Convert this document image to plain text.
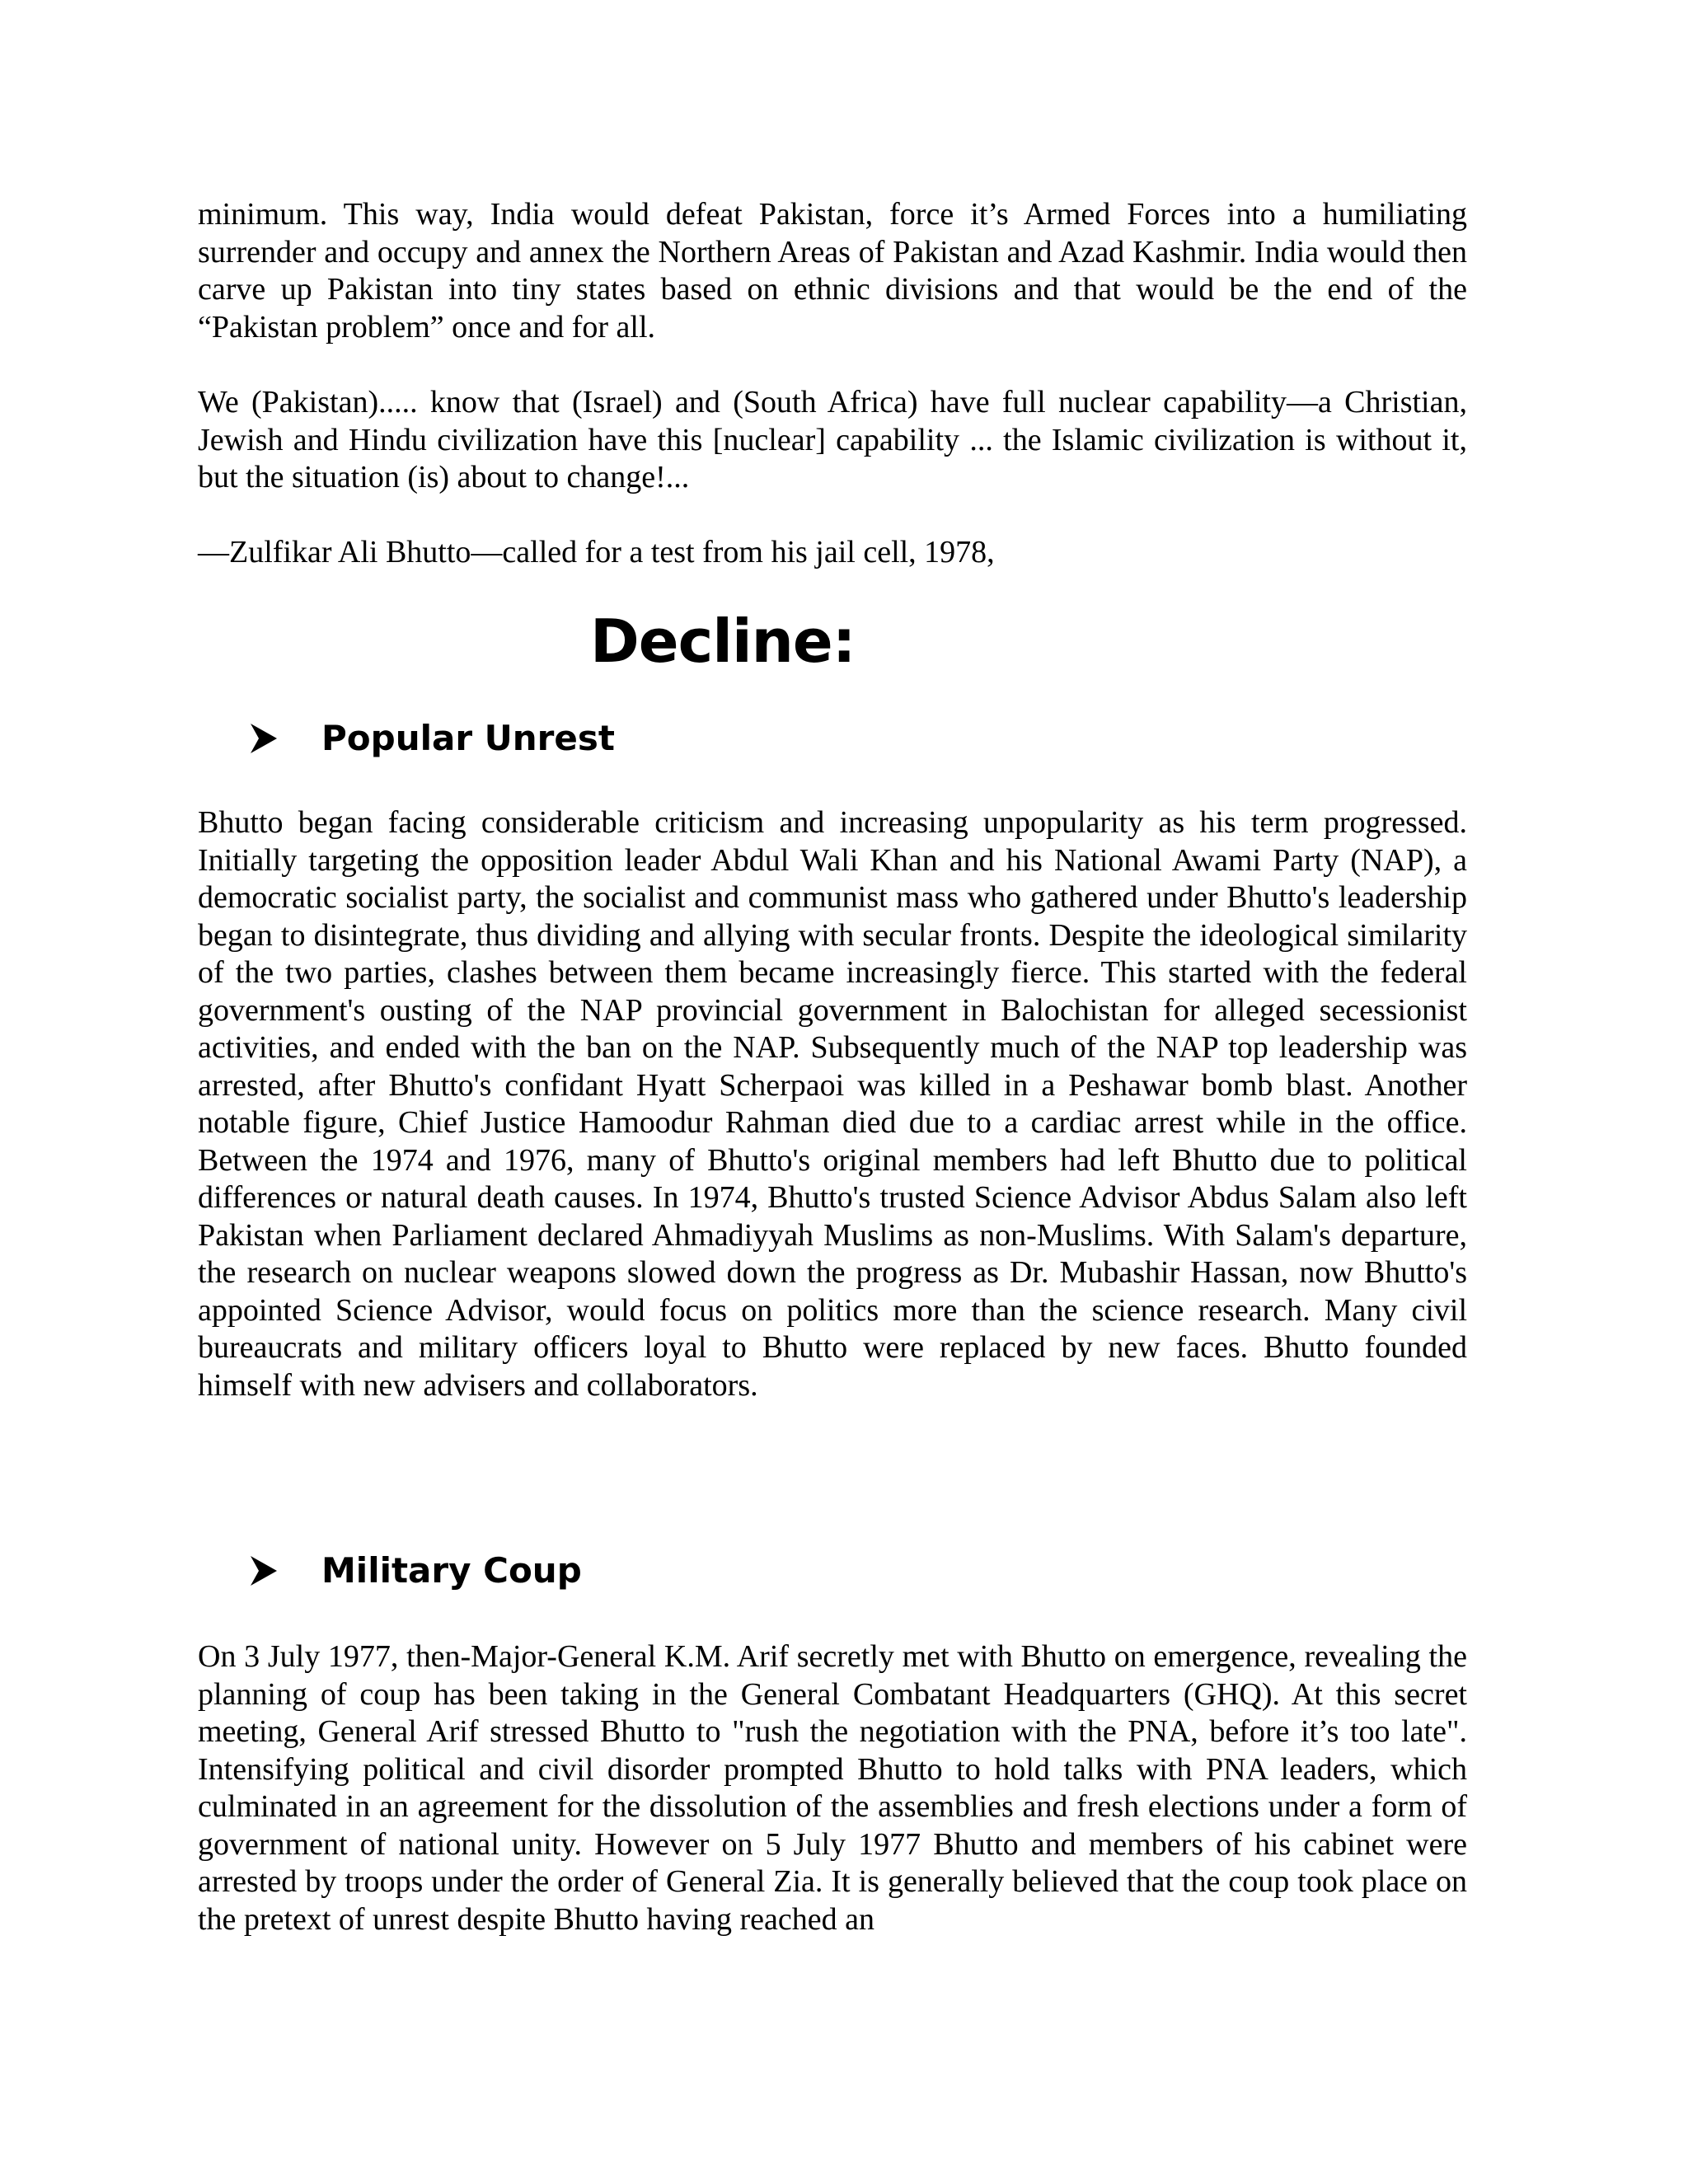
minimum. This way, India would defeat Pakistan, force it’s Armed Forces into a humiliating surrender and occupy and annex the Northern Areas of Pakistan and Azad Kashmir. India would then carve up Pakistan into tiny states based on ethnic divisions and that would be the end of the “Pakistan problem” once and for all.

We (Pakistan)..... know that (Israel) and (South Africa) have full nuclear capability—a Christian, Jewish and Hindu civilization have this [nuclear] capability ... the Islamic civilization is without it, but the situation (is) about to change!...

—Zulfikar Ali Bhutto—called for a test from his jail cell, 1978,

Decline:
Popular Unrest

Bhutto began facing considerable criticism and increasing unpopularity as his term progressed. Initially targeting the opposition leader Abdul Wali Khan and his National Awami Party (NAP), a democratic socialist party, the socialist and communist mass who gathered under Bhutto's leadership began to disintegrate, thus dividing and allying with secular fronts. Despite the ideological similarity of the two parties, clashes between them became increasingly fierce. This started with the federal government's ousting of the NAP provincial government in Balochistan for alleged secessionist activities, and ended with the ban on the NAP. Subsequently much of the NAP top leadership was arrested, after Bhutto's confidant Hyatt Scherpaoi was killed in a Peshawar bomb blast. Another notable figure, Chief Justice Hamoodur Rahman died due to a cardiac arrest while in the office. Between the 1974 and 1976, many of Bhutto's original members had left Bhutto due to political differences or natural death causes. In 1974, Bhutto's trusted Science Advisor Abdus Salam also left Pakistan when Parliament declared Ahmadiyyah Muslims as non-Muslims. With Salam's departure, the research on nuclear weapons slowed down the progress as Dr. Mubashir Hassan, now Bhutto's appointed Science Advisor, would focus on politics more than the science research. Many civil bureaucrats and military officers loyal to Bhutto were replaced by new faces. Bhutto founded himself with new advisers and collaborators.

Military Coup

On 3 July 1977, then-Major-General K.M. Arif secretly met with Bhutto on emergence, revealing the planning of coup has been taking in the General Combatant Headquarters (GHQ). At this secret meeting, General Arif stressed Bhutto to "rush the negotiation with the PNA, before it’s too late". Intensifying political and civil disorder prompted Bhutto to hold talks with PNA leaders, which culminated in an agreement for the dissolution of the assemblies and fresh elections under a form of government of national unity. However on 5 July 1977 Bhutto and members of his cabinet were arrested by troops under the order of General Zia. It is generally believed that the coup took place on the pretext of unrest despite Bhutto having reached an
